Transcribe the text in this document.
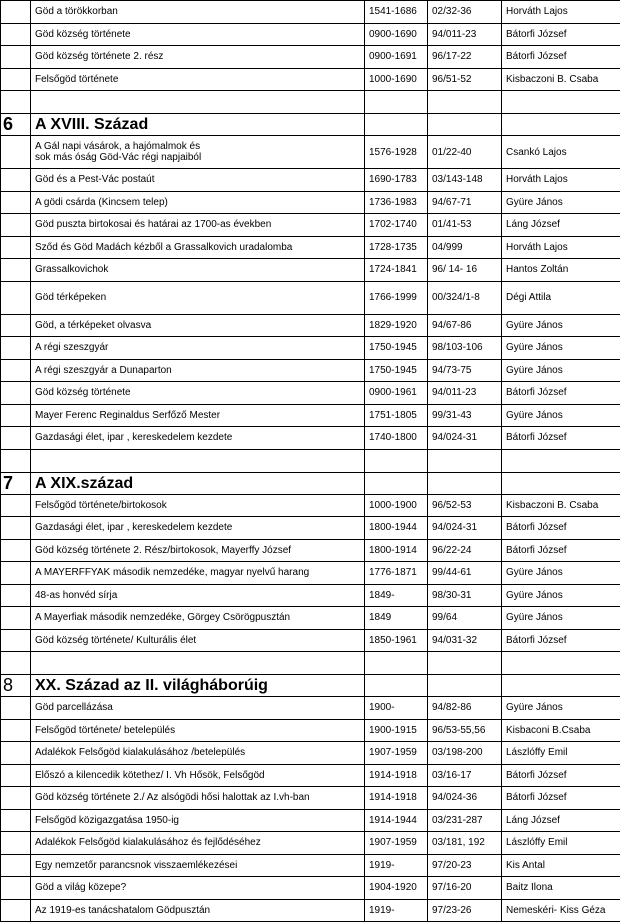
	Göd a törökkorban	1541-1686	02/32-36	Horváth Lajos
	Göd község története	0900-1690	94/011-23	Bátorfi József
	Göd község története 2. rész	0900-1691	96/17-22	Bátorfi József
	Felsőgöd története	1000-1690	96/51-52	Kisbaczoni B. Csaba

6	A XVIII. Század			

	A Gál napi vásárok, a hajómalmok és
sok más óság Göd-Vác régi napjaiból	1576-1928	01/22-40	Csankó Lajos
	Göd és a Pest-Vác postaút	1690-1783	03/143-148	Horváth Lajos
	A gödi csárda (Kincsem telep)	1736-1983	94/67-71	Gyüre János
	Göd puszta birtokosai és határai az 1700-as években	1702-1740	01/41-53	Láng József
	Sződ és Göd Madách kézből a Grassalkovich uradalomba	1728-1735	04/999	Horváth Lajos
	Grassalkovichok	1724-1841	96/ 14- 16	Hantos Zoltán

	Göd térképeken	1766-1999	00/324/1-8	Dégi Attila
	Göd, a térképeket olvasva	1829-1920	94/67-86	Gyüre János
	A régi szeszgyár	1750-1945	98/103-106	Gyüre János
	A régi szeszgyár a Dunaparton	1750-1945	94/73-75	Gyüre János
	Göd község története	0900-1961	94/011-23	Bátorfi József
	Mayer Ferenc Reginaldus Serfőző Mester	1751-1805	99/31-43	Gyüre János
	Gazdasági élet, ipar , kereskedelem kezdete	1740-1800	94/024-31	Bátorfi József

7	A XIX.század			
	Felsőgöd története/birtokosok	1000-1900	96/52-53	Kisbaczoni B. Csaba
	Gazdasági élet, ipar , kereskedelem kezdete	1800-1944	94/024-31	Bátorfi József
	Göd község története 2. Rész/birtokosok, Mayerffy József	1800-1914	96/22-24	Bátorfi József
	A MAYERFFYAK második nemzedéke, magyar nyelvű harang	1776-1871	99/44-61	Gyüre János
	48-as honvéd sírja	1849-	98/30-31	Gyüre János
	A Mayerfiak második nemzedéke, Görgey Csörögpusztán	1849	99/64	Gyüre János
	Göd község története/ Kulturális élet	1850-1961	94/031-32	Bátorfi József

8	XX. Század az II. világháborúig			
	Göd parcellázása	1900-	94/82-86	Gyüre János
	Felsőgöd története/ betelepülés	1900-1915	96/53-55,56	Kisbaconi B.Csaba
	Adalékok Felsőgöd kialakulásához /betelepülés	1907-1959	03/198-200	Lászlóffy Emil
	Előszó a kilencedik kötethez/ I. Vh Hősök, Felsőgöd	1914-1918	03/16-17	Bátorfi József
	Göd község története 2./ Az alsógödi hősi halottak az I.vh-ban	1914-1918	94/024-36	Bátorfi József
	Felsőgöd közigazgatása 1950-ig	1914-1944	03/231-287	Láng József
	Adalékok Felsőgöd kialakulásához és fejlődéséhez	1907-1959	03/181, 192	Lászlóffy Emil
	Egy nemzetőr parancsnok visszaemlékezései	1919-	97/20-23	Kis Antal
	Göd a világ közepe?	1904-1920	97/16-20	Baitz Ilona
	Az 1919-es tanácshatalom Gödpusztán	1919-	97/23-26	Nemeskéri- Kiss Géza
